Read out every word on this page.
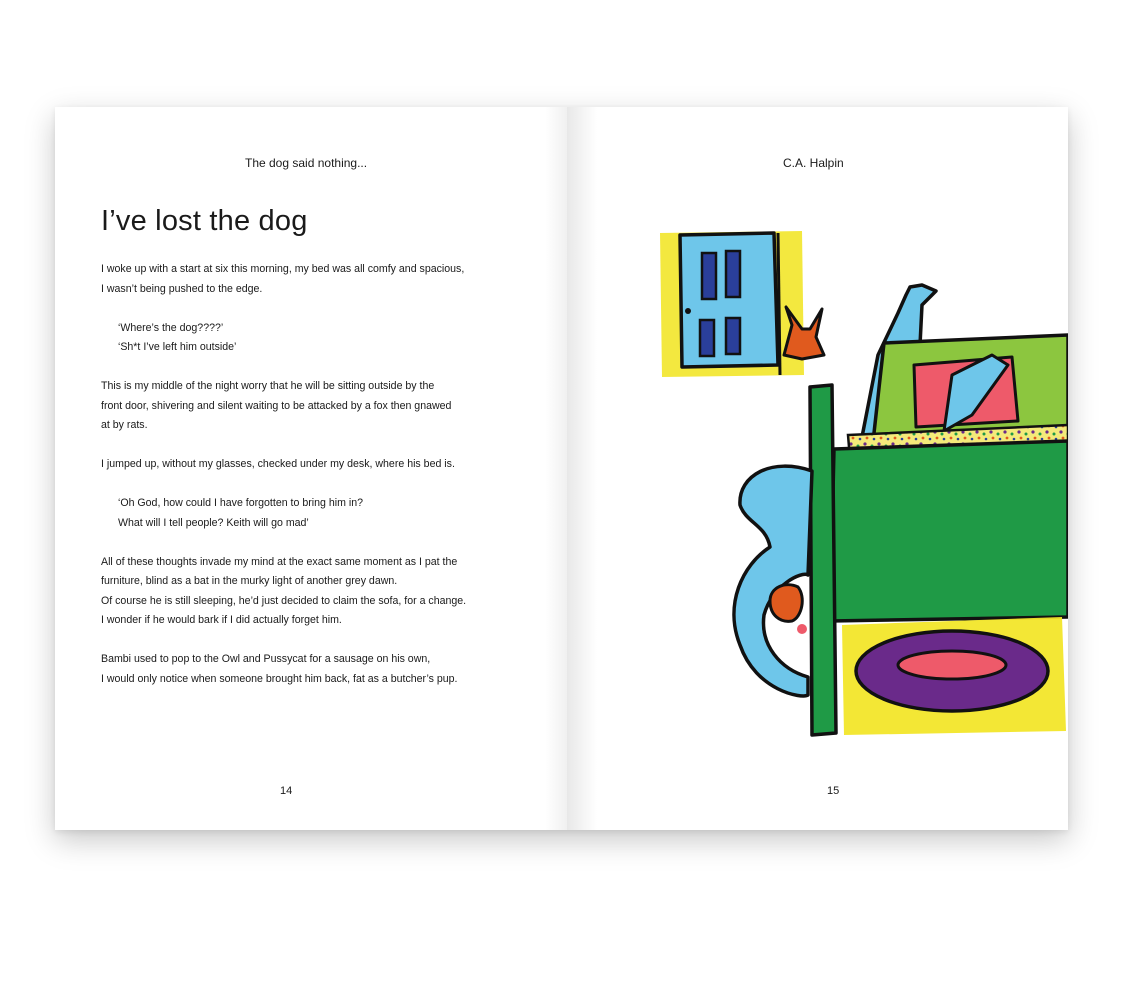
The dog said nothing...
I’ve lost the dog
I woke up with a start at six this morning, my bed was all comfy and spacious,
I wasn’t being pushed to the edge.
‘Where’s the dog????’
‘Sh*t I’ve left him outside’
This is my middle of the night worry that he will be sitting outside by the
front door, shivering and silent waiting to be attacked by a fox then gnawed
at by rats.
I jumped up, without my glasses, checked under my desk, where his bed is.
‘Oh God, how could I have forgotten to bring him in?
What will I tell people? Keith will go mad’
All of these thoughts invade my mind at the exact same moment as I pat the
furniture, blind as a bat in the murky light of another grey dawn.
Of course he is still sleeping, he’d just decided to claim the sofa, for a change.
I wonder if he would bark if I did actually forget him.
Bambi used to pop to the Owl and Pussycat for a sausage on his own,
I would only notice when someone brought him back, fat as a butcher’s pup.
14
C.A. Halpin
15
